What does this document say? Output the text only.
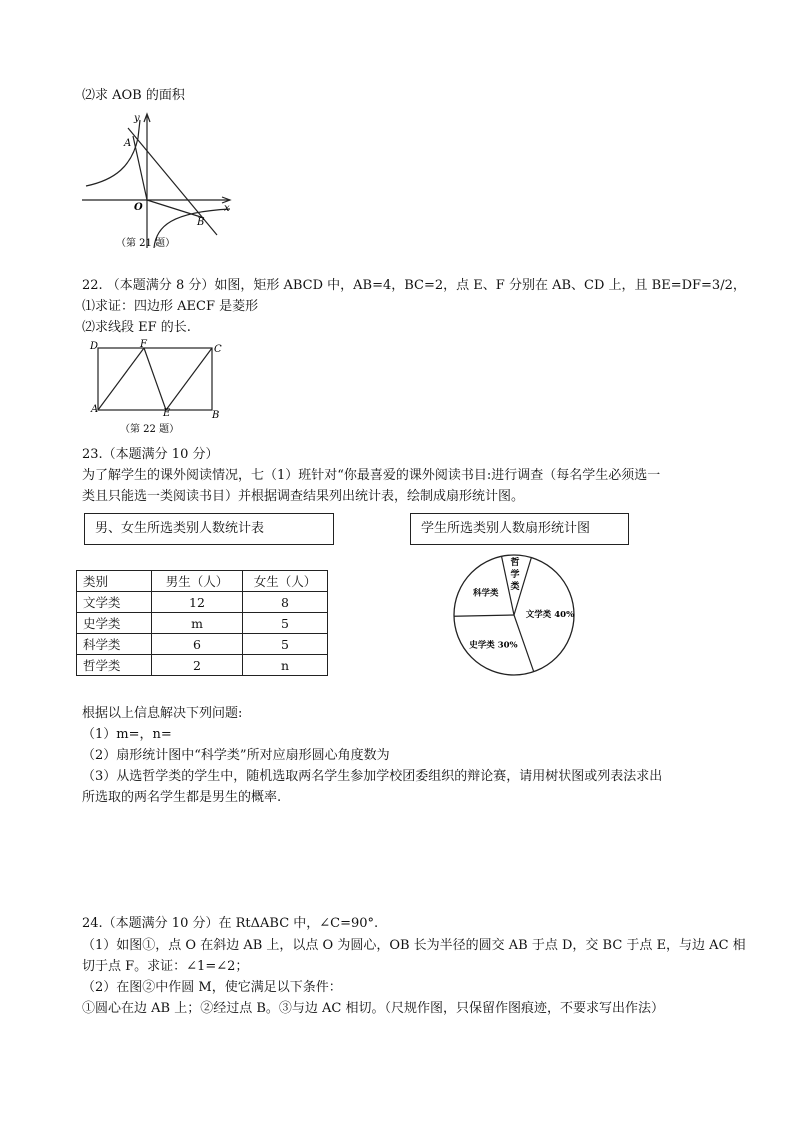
⑵求 AOB 的面积
y
x
A
O
B
（第 21 题）
22. （本题满分 8 分）如图，矩形 ABCD 中，AB=4，BC=2，点 E、F 分别在 AB、CD 上，且 BE=DF=3/2，
⑴求证：四边形 AECF 是菱形
⑵求线段 EF 的长.
D	F	C
A	E	B
（第 22 题）
23.（本题满分 10 分）
为了解学生的课外阅读情况，七（1）班针对“你最喜爱的课外阅读书目:进行调查（每名学生必须选一
类且只能选一类阅读书目）并根据调查结果列出统计表，绘制成扇形统计图。
男、女生所选类别人数统计表	学生所选类别人数扇形统计图
类别	男生（人）	女生（人）
文学类	12	8
史学类	m	5
科学类	6	5
哲学类	2	n
哲
学
类
文学类 40%
史学类 30%
科学类
根据以上信息解决下列问题:
（1）m=，n=
（2）扇形统计图中“科学类”所对应扇形圆心角度数为
（3）从选哲学类的学生中，随机选取两名学生参加学校团委组织的辩论赛，请用树状图或列表法求出
所选取的两名学生都是男生的概率.
24.（本题满分 10 分）在 RtΔABC 中，∠C=90°.
（1）如图①，点 O 在斜边 AB 上，以点 O 为圆心，OB 长为半径的圆交 AB 于点 D，交 BC 于点 E，与边 AC 相
切于点 F。求证：∠1=∠2；
（2）在图②中作圆 M，使它满足以下条件：
①圆心在边 AB 上；②经过点 B。③与边 AC 相切。（尺规作图，只保留作图痕迹，不要求写出作法）
